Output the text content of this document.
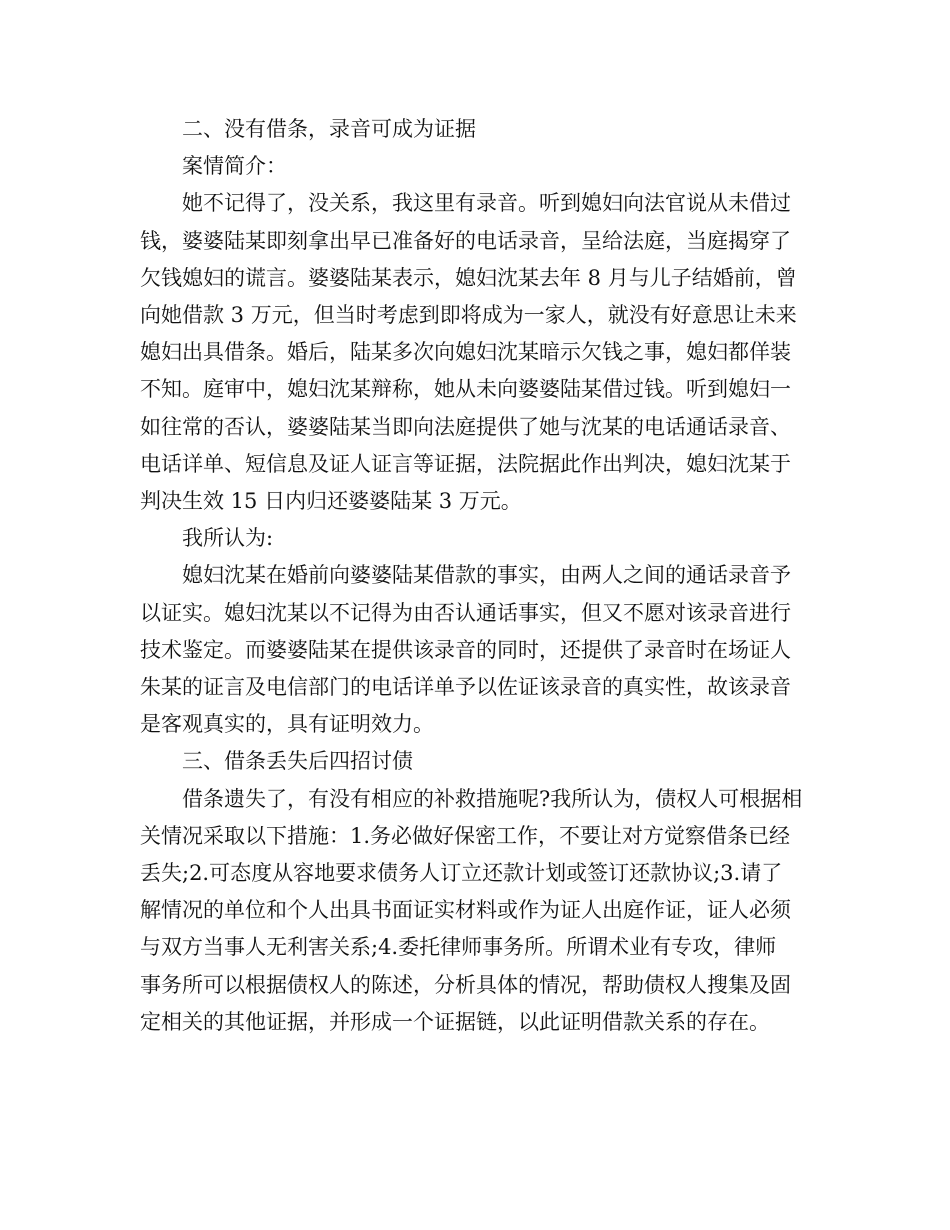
二、没有借条，录音可成为证据
案情简介：
她不记得了，没关系，我这里有录音。听到媳妇向法官说从未借过
钱，婆婆陆某即刻拿出早已准备好的电话录音，呈给法庭，当庭揭穿了
欠钱媳妇的谎言。婆婆陆某表示，媳妇沈某去年 8 月与儿子结婚前，曾
向她借款 3 万元，但当时考虑到即将成为一家人，就没有好意思让未来
媳妇出具借条。婚后，陆某多次向媳妇沈某暗示欠钱之事，媳妇都佯装
不知。庭审中，媳妇沈某辩称，她从未向婆婆陆某借过钱。听到媳妇一
如往常的否认，婆婆陆某当即向法庭提供了她与沈某的电话通话录音、
电话详单、短信息及证人证言等证据，法院据此作出判决，媳妇沈某于
判决生效 15 日内归还婆婆陆某 3 万元。
我所认为:
媳妇沈某在婚前向婆婆陆某借款的事实，由两人之间的通话录音予
以证实。媳妇沈某以不记得为由否认通话事实，但又不愿对该录音进行
技术鉴定。而婆婆陆某在提供该录音的同时，还提供了录音时在场证人
朱某的证言及电信部门的电话详单予以佐证该录音的真实性，故该录音
是客观真实的，具有证明效力。
三、借条丢失后四招讨债
借条遗失了，有没有相应的补救措施呢?我所认为，债权人可根据相
关情况采取以下措施：1.务必做好保密工作，不要让对方觉察借条已经
丢失;2.可态度从容地要求债务人订立还款计划或签订还款协议;3.请了
解情况的单位和个人出具书面证实材料或作为证人出庭作证，证人必须
与双方当事人无利害关系;4.委托律师事务所。所谓术业有专攻，律师
事务所可以根据债权人的陈述，分析具体的情况，帮助债权人搜集及固
定相关的其他证据，并形成一个证据链，以此证明借款关系的存在。
